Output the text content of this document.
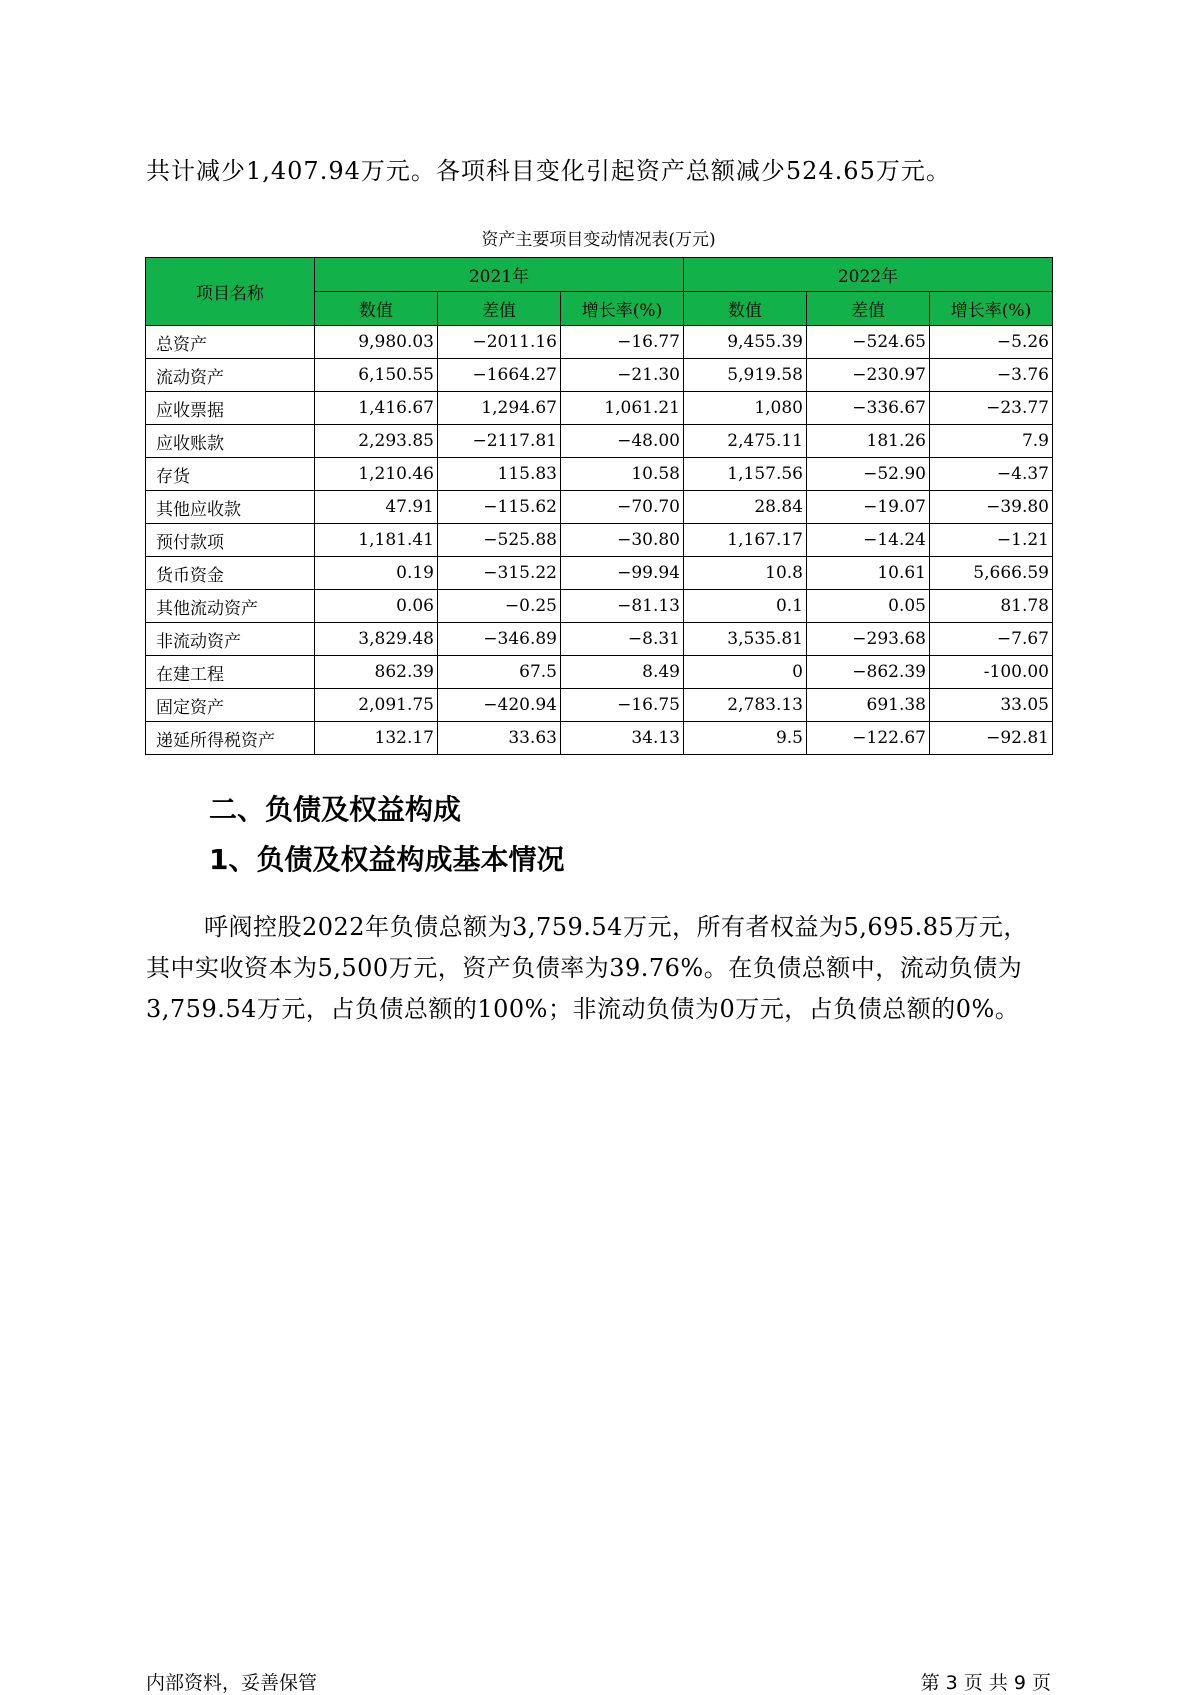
共计减少1,407.94万元。各项科目变化引起资产总额减少524.65万元。

资产主要项目变动情况表(万元)
项目名称	2021年			2022年		
	数值	差值	增长率(%)	数值	差值	增长率(%)
总资产	9,980.03	−2011.16	−16.77	9,455.39	−524.65	−5.26
流动资产	6,150.55	−1664.27	−21.30	5,919.58	−230.97	−3.76
应收票据	1,416.67	1,294.67	1,061.21	1,080	−336.67	−23.77
应收账款	2,293.85	−2117.81	−48.00	2,475.11	181.26	7.9
存货	1,210.46	115.83	10.58	1,157.56	−52.90	−4.37
其他应收款	47.91	−115.62	−70.70	28.84	−19.07	−39.80
预付款项	1,181.41	−525.88	−30.80	1,167.17	−14.24	−1.21
货币资金	0.19	−315.22	−99.94	10.8	10.61	5,666.59
其他流动资产	0.06	−0.25	−81.13	0.1	0.05	81.78
非流动资产	3,829.48	−346.89	−8.31	3,535.81	−293.68	−7.67
在建工程	862.39	67.5	8.49	0	−862.39	-100.00
固定资产	2,091.75	−420.94	−16.75	2,783.13	691.38	33.05
递延所得税资产	132.17	33.63	34.13	9.5	−122.67	−92.81
二、负债及权益构成
1、负债及权益构成基本情况

呼阀控股2022年负债总额为3,759.54万元，所有者权益为5,695.85万元，其中实收资本为5,500万元，资产负债率为39.76%。在负债总额中，流动负债为3,759.54万元，占负债总额的100%；非流动负债为0万元，占负债总额的0%。

内部资料，妥善保管	第 3 页 共 9 页
